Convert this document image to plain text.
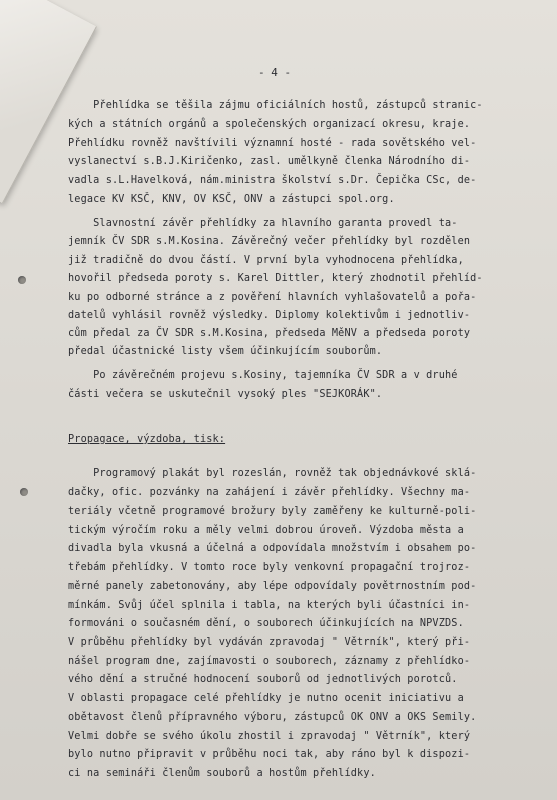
- 4 -
Přehlídka se těšila zájmu oficiálních hostů, zástupců stranic-
kých a státních orgánů a společenských organizací okresu, kraje.
Přehlídku rovněž navštívili významní hosté - rada sovětského vel-
vyslanectví s.B.J.Kiričenko, zasl. umělkyně členka Národního di-
vadla s.L.Havelková, nám.ministra školství s.Dr. Čepička CSc, de-
legace KV KSČ, KNV, OV KSČ, ONV a zástupci spol.org.
Slavnostní závěr přehlídky za hlavního garanta provedl ta-
jemník ČV SDR s.M.Kosina. Závěrečný večer přehlídky byl rozdělen
již tradičně do dvou částí. V první byla vyhodnocena přehlídka,
hovořil předseda poroty s. Karel Dittler, který zhodnotil přehlíd-
ku po odborné stránce a z pověření hlavních vyhlašovatelů a pořa-
datelů vyhlásil rovněž výsledky. Diplomy kolektivům i jednotliv-
cům předal za ČV SDR s.M.Kosina, předseda MěNV a předseda poroty
předal účastnické listy všem účinkujícím souborům.
Po závěrečném projevu s.Kosiny, tajemníka ČV SDR a v druhé
části večera se uskutečnil vysoký ples "SEJKORÁK".
Propagace, výzdoba, tisk:
Programový plakát byl rozeslán, rovněž tak objednávkové sklá-
dačky, ofic. pozvánky na zahájení i závěr přehlídky. Všechny ma-
teriály včetně programové brožury byly zaměřeny ke kulturně-poli-
tickým výročím roku a měly velmi dobrou úroveň. Výzdoba města a
divadla byla vkusná a účelná a odpovídala množstvím i obsahem po-
třebám přehlídky. V tomto roce byly venkovní propagační trojroz-
měrné panely zabetonovány, aby lépe odpovídaly povětrnostním pod-
mínkám. Svůj účel splnila i tabla, na kterých byli účastníci in-
formováni o současném dění, o souborech účinkujících na NPVZDS.
V průběhu přehlídky byl vydáván zpravodaj " Větrník", který při-
nášel program dne, zajímavosti o souborech, záznamy z přehlídko-
vého dění a stručné hodnocení souborů od jednotlivých porotců.
V oblasti propagace celé přehlídky je nutno ocenit iniciativu a
obětavost členů přípravného výboru, zástupců OK ONV a OKS Semily.
Velmi dobře se svého úkolu zhostil i zpravodaj " Větrník", který
bylo nutno připravit v průběhu noci tak, aby ráno byl k dispozi-
ci na semináři členům souborů a hostům přehlídky.
